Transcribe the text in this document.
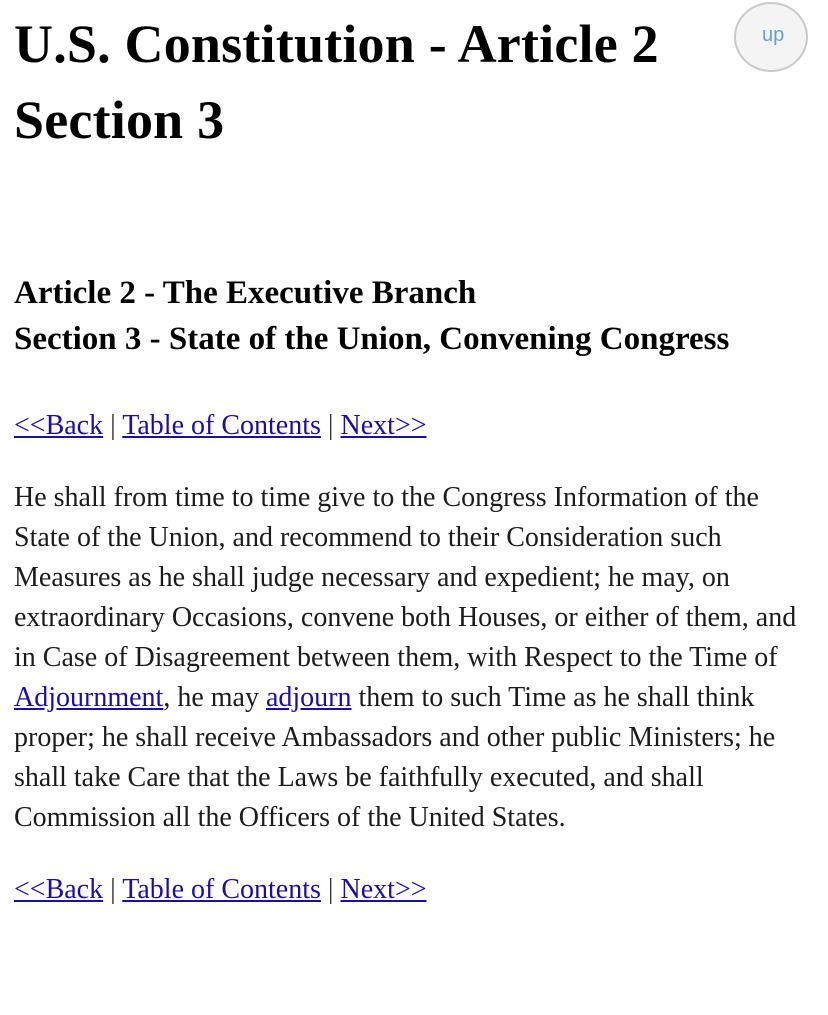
U.S. Constitution - Article 2
Section 3
Article 2 - The Executive Branch
Section 3 - State of the Union, Convening Congress
<<Back | Table of Contents | Next>>

He shall from time to time give to the Congress Information of the State of the Union, and recommend to their Consideration such Measures as he shall judge necessary and expedient; he may, on extraordinary Occasions, convene both Houses, or either of them, and in Case of Disagreement between them, with Respect to the Time of Adjournment, he may adjourn them to such Time as he shall think proper; he shall receive Ambassadors and other public Ministers; he shall take Care that the Laws be faithfully executed, and shall Commission all the Officers of the United States.

<<Back | Table of Contents | Next>>
up
